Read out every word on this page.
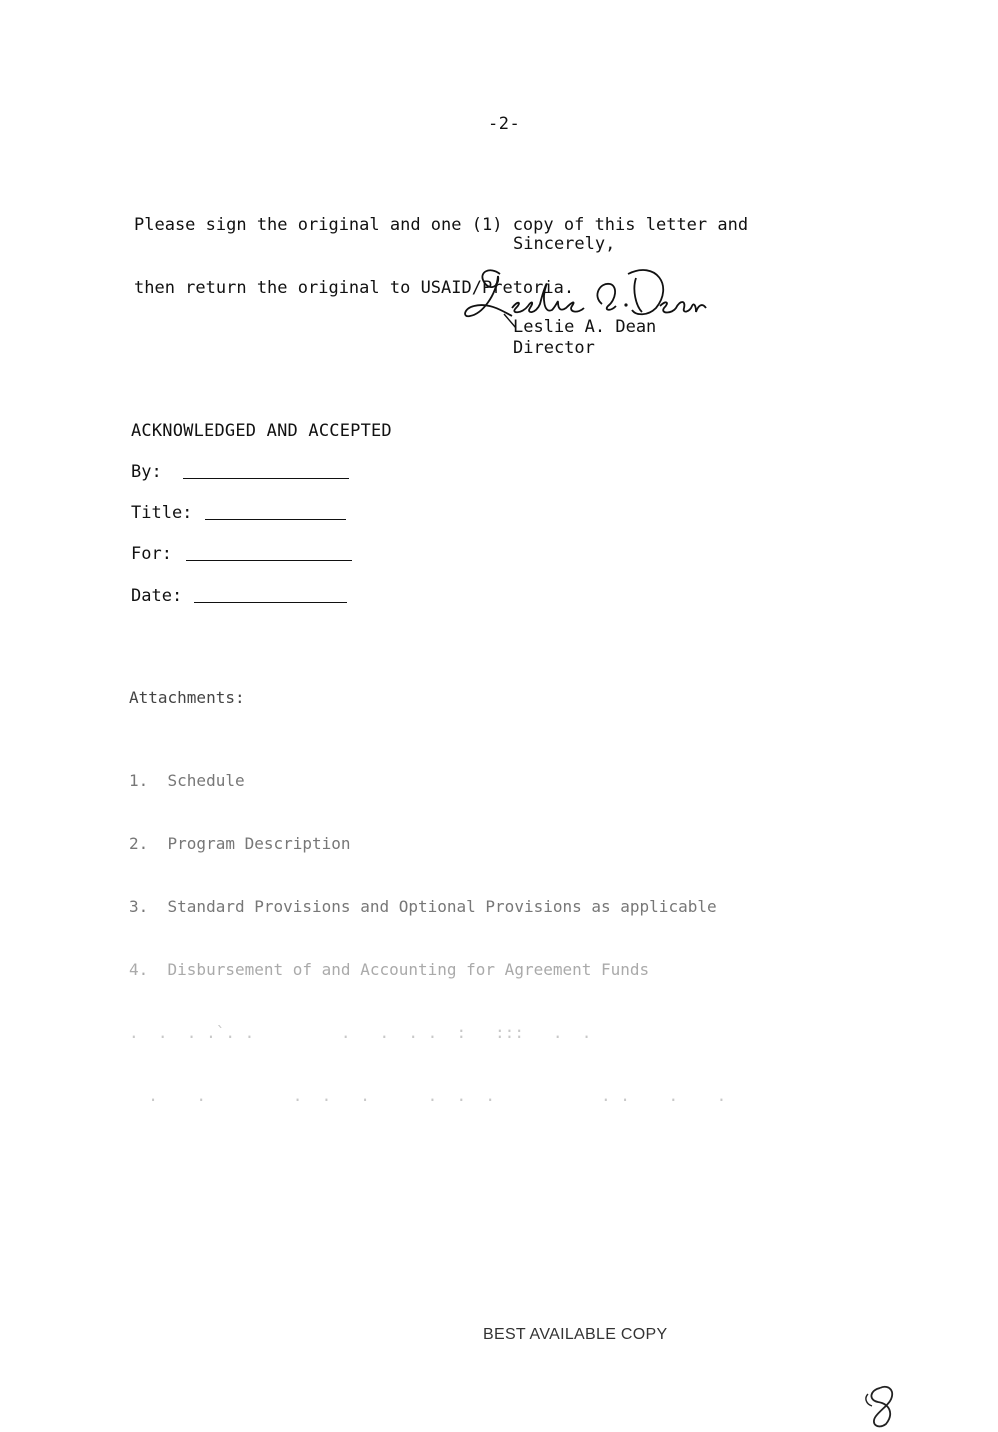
-2-

Please sign the original and one (1) copy of this letter and

then return the original to USAID/Pretoria.

Sincerely,
Leslie A. Dean
Director
ACKNOWLEDGED AND ACCEPTED
By:
Title:
For:
Date:
Attachments:

1. Schedule

2. Program Description

3. Standard Provisions and Optional Provisions as applicable

4. Disbursement of and Accounting for Agreement Funds

.  .  . .`. .         .   .  . .  :   :::   .  .

.    .         .  .   .      .  .  .           . .    .    .

BEST AVAILABLE COPY
